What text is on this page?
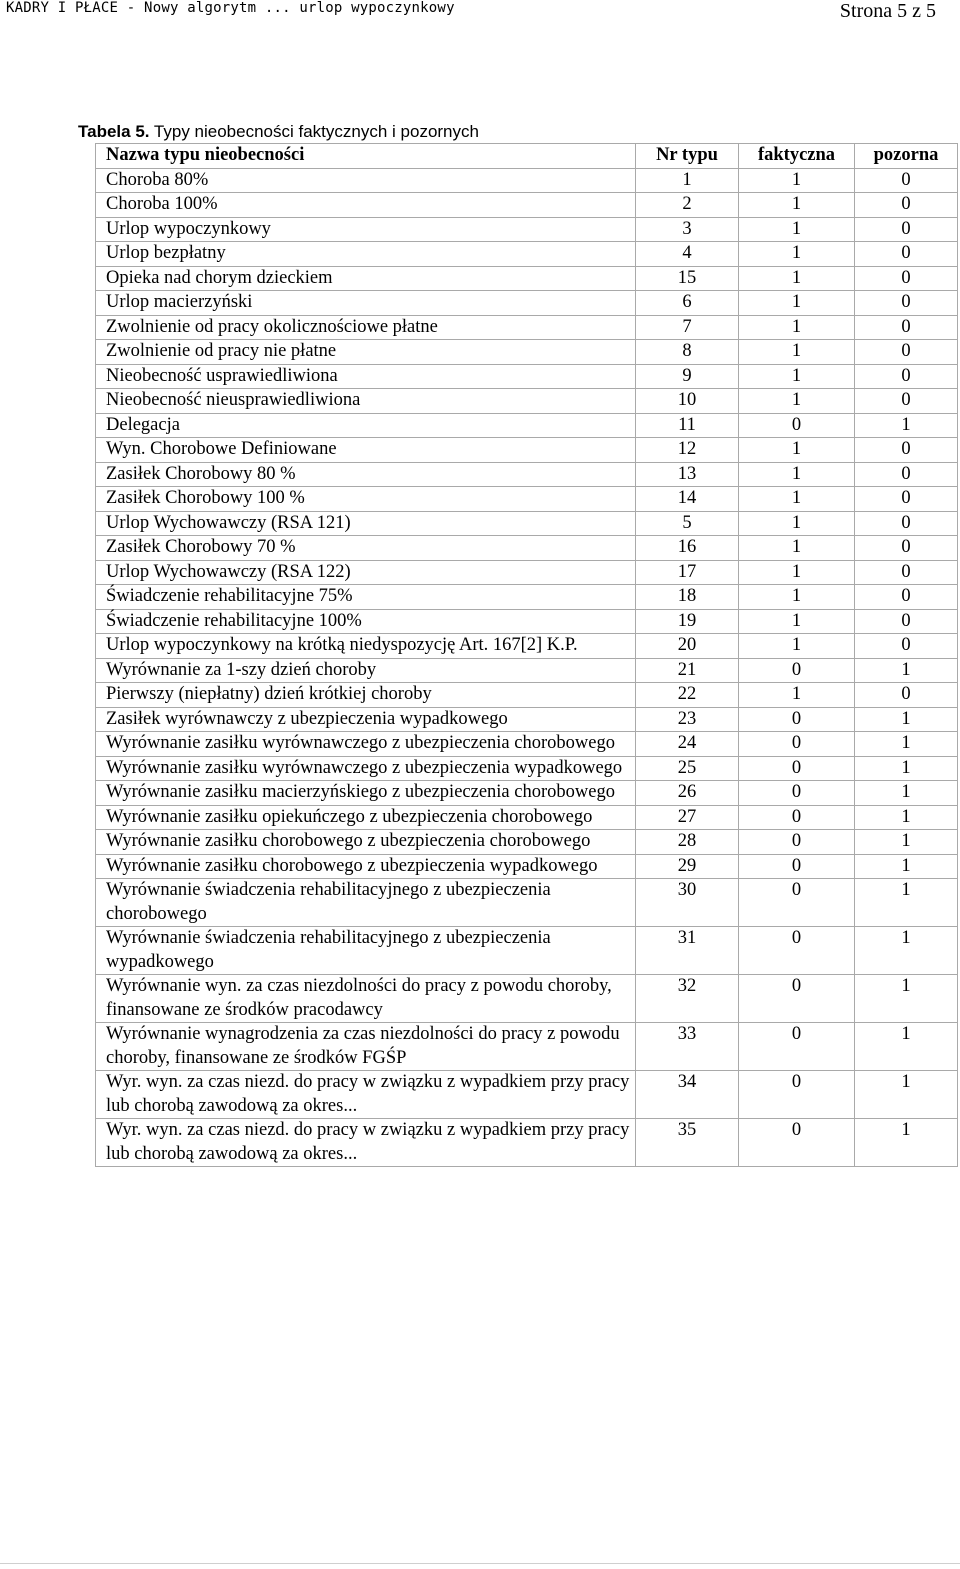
KADRY I PŁACE - Nowy algorytm ... urlop wypoczynkowy	Strona 5 z 5
Tabela 5. Typy nieobecności faktycznych i pozornych
Nazwa typu nieobecności	Nr typu	faktyczna	pozorna
Choroba 80%	1	1	0
Choroba 100%	2	1	0
Urlop wypoczynkowy	3	1	0
Urlop bezpłatny	4	1	0
Opieka nad chorym dzieckiem	15	1	0
Urlop macierzyński	6	1	0
Zwolnienie od pracy okolicznościowe płatne	7	1	0
Zwolnienie od pracy nie płatne	8	1	0
Nieobecność usprawiedliwiona	9	1	0
Nieobecność nieusprawiedliwiona	10	1	0
Delegacja	11	0	1
Wyn. Chorobowe Definiowane	12	1	0
Zasiłek Chorobowy 80 %	13	1	0
Zasiłek Chorobowy 100 %	14	1	0
Urlop Wychowawczy (RSA 121)	5	1	0
Zasiłek Chorobowy 70 %	16	1	0
Urlop Wychowawczy (RSA 122)	17	1	0
Świadczenie rehabilitacyjne 75%	18	1	0
Świadczenie rehabilitacyjne 100%	19	1	0
Urlop wypoczynkowy na krótką niedyspozycję Art. 167[2] K.P.	20	1	0
Wyrównanie za 1-szy dzień choroby	21	0	1
Pierwszy (niepłatny) dzień krótkiej choroby	22	1	0
Zasiłek wyrównawczy z ubezpieczenia wypadkowego	23	0	1
Wyrównanie zasiłku wyrównawczego z ubezpieczenia chorobowego	24	0	1
Wyrównanie zasiłku wyrównawczego z ubezpieczenia wypadkowego	25	0	1
Wyrównanie zasiłku macierzyńskiego z ubezpieczenia chorobowego	26	0	1
Wyrównanie zasiłku opiekuńczego z ubezpieczenia chorobowego	27	0	1
Wyrównanie zasiłku chorobowego z ubezpieczenia chorobowego	28	0	1
Wyrównanie zasiłku chorobowego z ubezpieczenia wypadkowego	29	0	1
Wyrównanie świadczenia rehabilitacyjnego z ubezpieczenia chorobowego	30	0	1
Wyrównanie świadczenia rehabilitacyjnego z ubezpieczenia wypadkowego	31	0	1
Wyrównanie wyn. za czas niezdolności do pracy z powodu choroby, finansowane ze środków pracodawcy	32	0	1
Wyrównanie wynagrodzenia za czas niezdolności do pracy z powodu choroby, finansowane ze środków FGŚP	33	0	1
Wyr. wyn. za czas niezd. do pracy w związku z wypadkiem przy pracy lub chorobą zawodową za okres...	34	0	1
Wyr. wyn. za czas niezd. do pracy w związku z wypadkiem przy pracy lub chorobą zawodową za okres...	35	0	1
